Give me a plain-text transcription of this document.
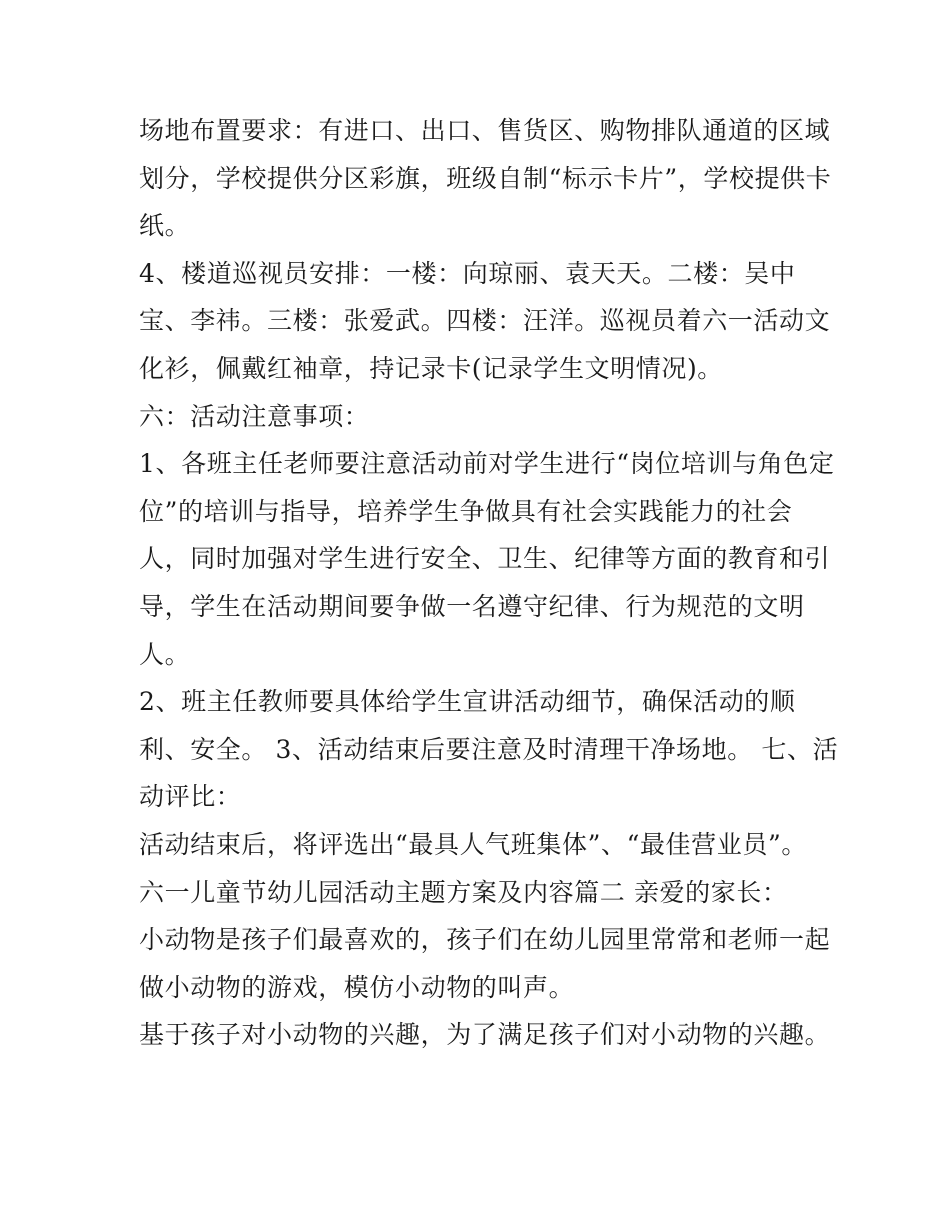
场地布置要求：有进口、出口、售货区、购物排队通道的区域
划分，学校提供分区彩旗，班级自制“标示卡片”，学校提供卡
纸。
4、楼道巡视员安排：一楼：向琼丽、袁天天。二楼：吴中
宝、李祎。三楼：张爱武。四楼：汪洋。巡视员着六一活动文
化衫，佩戴红袖章，持记录卡(记录学生文明情况)。
六：活动注意事项：
1、各班主任老师要注意活动前对学生进行“岗位培训与角色定
位”的培训与指导，培养学生争做具有社会实践能力的社会
人，同时加强对学生进行安全、卫生、纪律等方面的教育和引
导，学生在活动期间要争做一名遵守纪律、行为规范的文明
人。
2、班主任教师要具体给学生宣讲活动细节，确保活动的顺
利、安全。 3、活动结束后要注意及时清理干净场地。 七、活
动评比：
活动结束后，将评选出“最具人气班集体”、“最佳营业员”。
六一儿童节幼儿园活动主题方案及内容篇二 亲爱的家长：
小动物是孩子们最喜欢的，孩子们在幼儿园里常常和老师一起
做小动物的游戏，模仿小动物的叫声。
基于孩子对小动物的兴趣，为了满足孩子们对小动物的兴趣。
